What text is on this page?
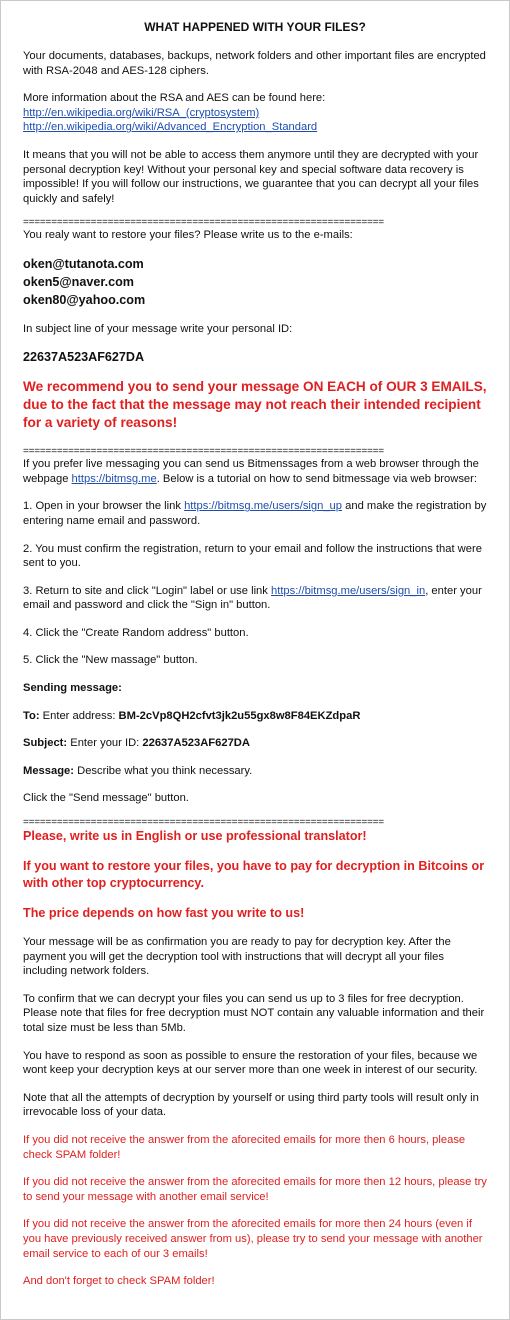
WHAT HAPPENED WITH YOUR FILES?

Your documents, databases, backups, network folders and other important files are encrypted with RSA-2048 and AES-128 ciphers.

More information about the RSA and AES can be found here:
http://en.wikipedia.org/wiki/RSA_(cryptosystem)
http://en.wikipedia.org/wiki/Advanced_Encryption_Standard

It means that you will not be able to access them anymore until they are decrypted with your personal decryption key! Without your personal key and special software data recovery is impossible! If you will follow our instructions, we guarantee that you can decrypt all your files quickly and safely!

================================================================

You realy want to restore your files? Please write us to the e-mails:

oken@tutanota.com
oken5@naver.com
oken80@yahoo.com

In subject line of your message write your personal ID:

22637A523AF627DA

We recommend you to send your message ON EACH of OUR 3 EMAILS, due to the fact that the message may not reach their intended recipient for a variety of reasons!

================================================================

If you prefer live messaging you can send us Bitmenssages from a web browser through the webpage https://bitmsg.me. Below is a tutorial on how to send bitmessage via web browser:

1. Open in your browser the link https://bitmsg.me/users/sign_up and make the registration by entering name email and password.

2. You must confirm the registration, return to your email and follow the instructions that were sent to you.

3. Return to site and click "Login" label or use link https://bitmsg.me/users/sign_in, enter your email and password and click the "Sign in" button.

4. Click the "Create Random address" button.

5. Click the "New massage" button.

Sending message:

To: Enter address: BM-2cVp8QH2cfvt3jk2u55gx8w8F84EKZdpaR

Subject: Enter your ID: 22637A523AF627DA

Message: Describe what you think necessary.

Click the "Send message" button.

================================================================

Please, write us in English or use professional translator!

If you want to restore your files, you have to pay for decryption in Bitcoins or with other top cryptocurrency.

The price depends on how fast you write to us!

Your message will be as confirmation you are ready to pay for decryption key. After the payment you will get the decryption tool with instructions that will decrypt all your files including network folders.

To confirm that we can decrypt your files you can send us up to 3 files for free decryption. Please note that files for free decryption must NOT contain any valuable information and their total size must be less than 5Mb.

You have to respond as soon as possible to ensure the restoration of your files, because we wont keep your decryption keys at our server more than one week in interest of our security.

Note that all the attempts of decryption by yourself or using third party tools will result only in irrevocable loss of your data.

If you did not receive the answer from the aforecited emails for more then 6 hours, please check SPAM folder!

If you did not receive the answer from the aforecited emails for more then 12 hours, please try to send your message with another email service!

If you did not receive the answer from the aforecited emails for more then 24 hours (even if you have previously received answer from us), please try to send your message with another email service to each of our 3 emails!

And don't forget to check SPAM folder!
